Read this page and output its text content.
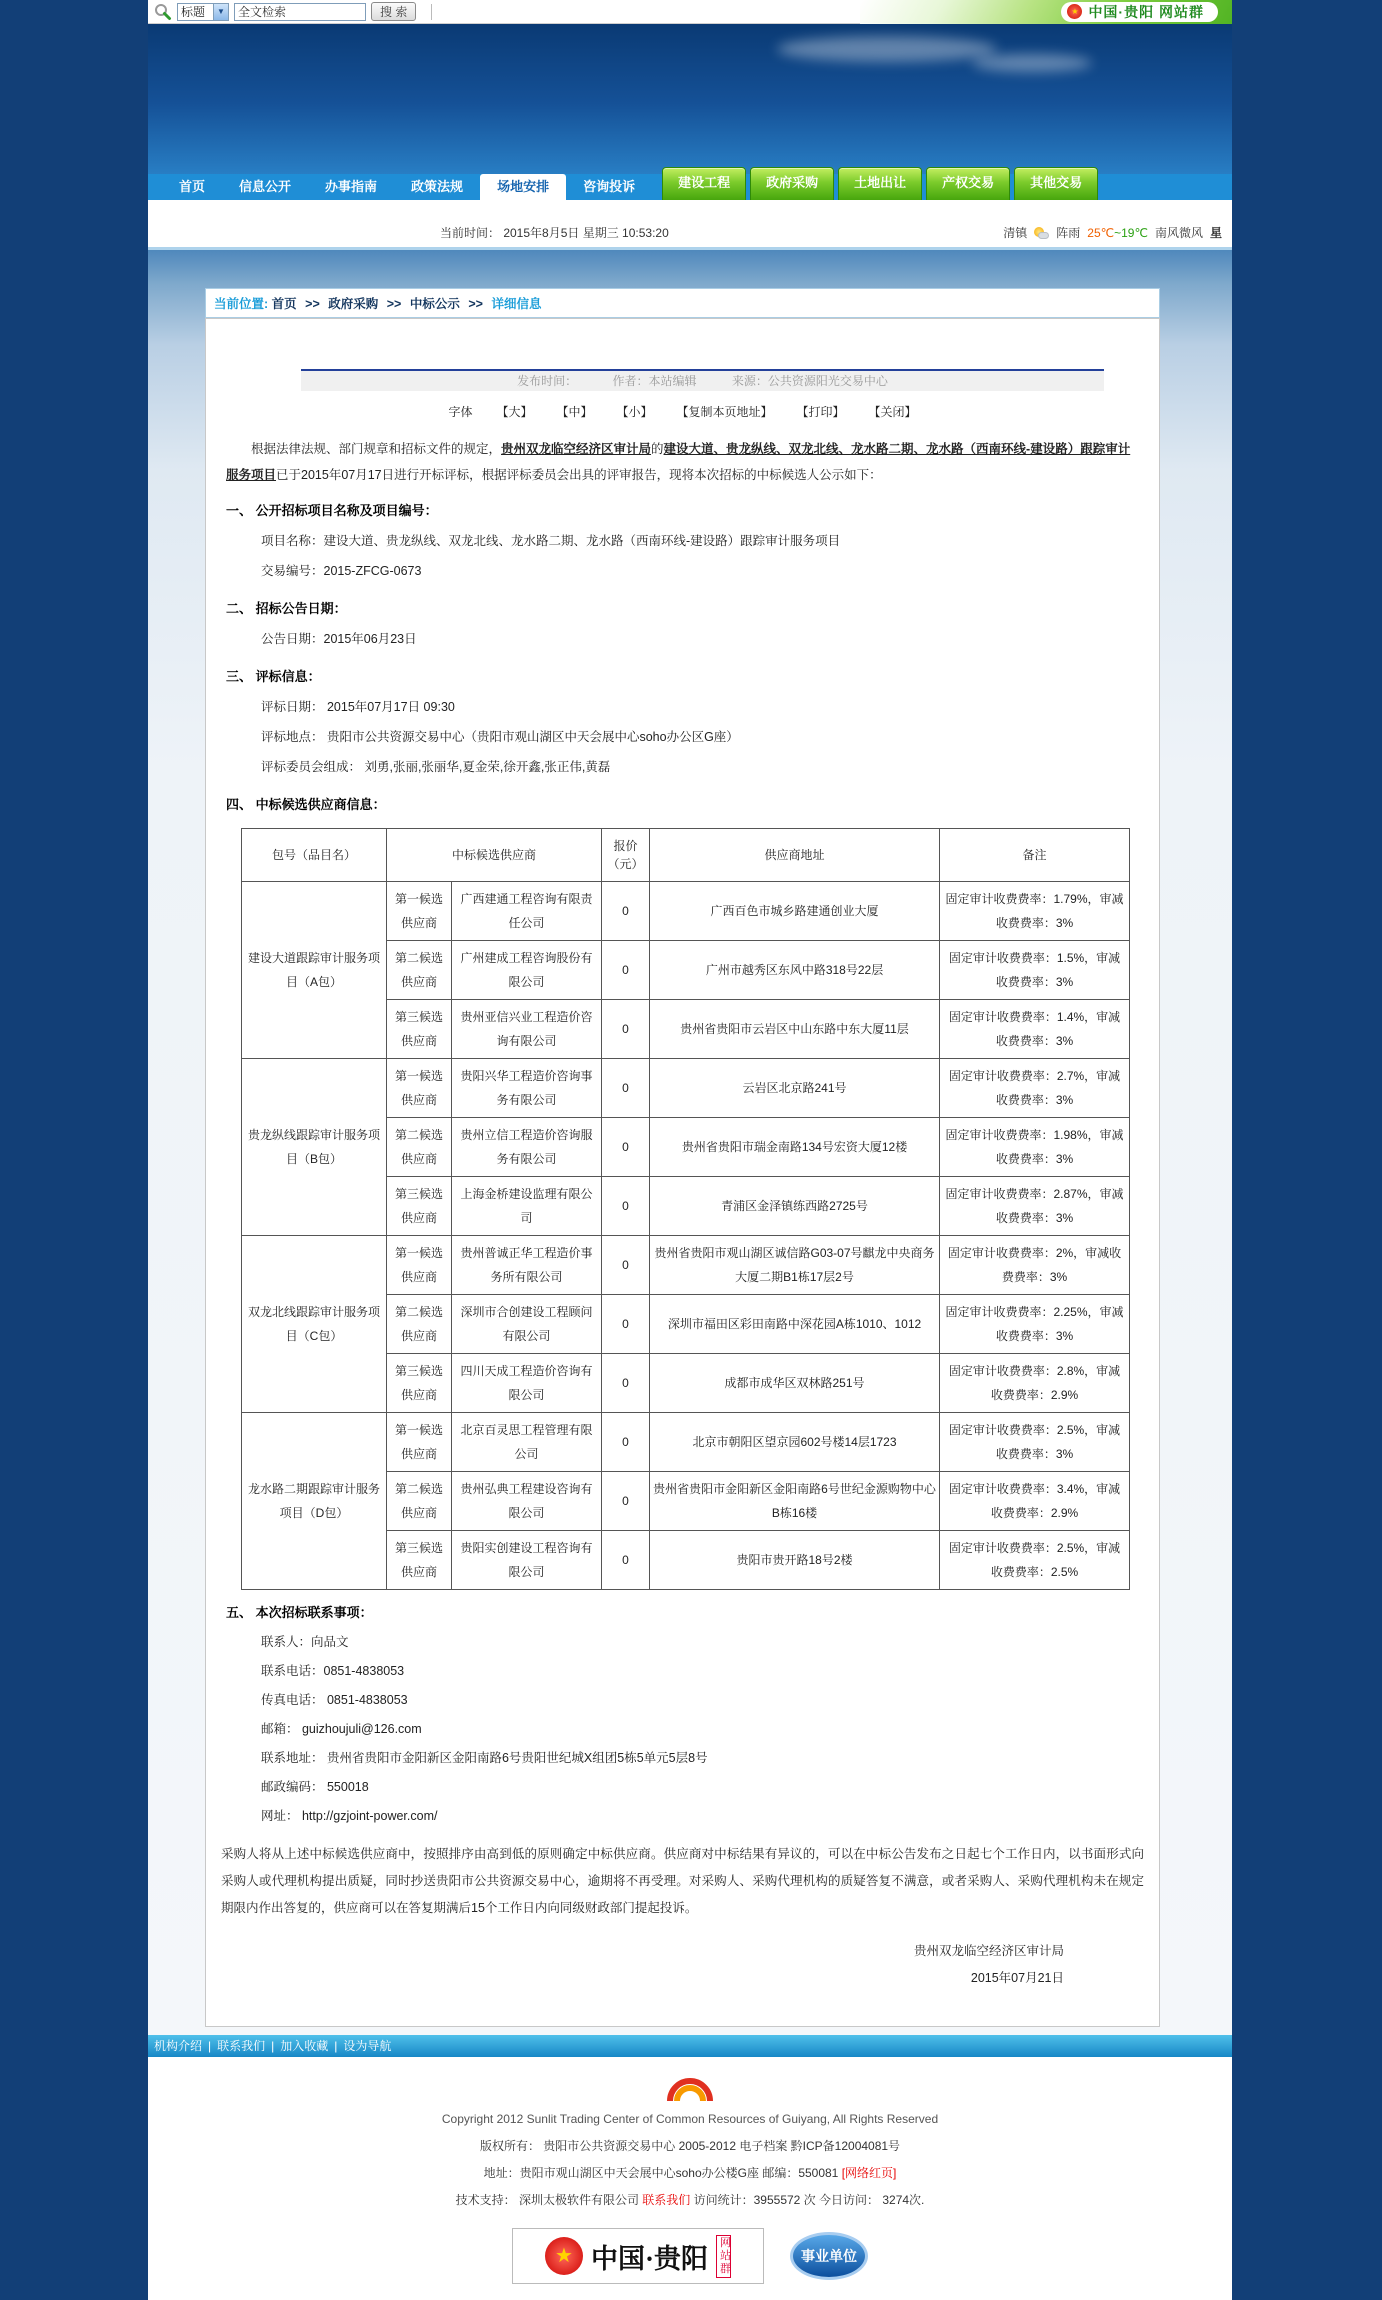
标题	▼
全文检索	搜 索	★ 中国·贵阳 网站群
首页	信息公开	办事指南	政策法规	场地安排	咨询投诉	建设工程	政府采购	土地出让	产权交易	其他交易
当前时间： 2015年8月5日 星期三 10:53:20	清镇 阵雨 25℃~19℃ 南风微风 星
当前位置: 首页 >> 政府采购 >> 中标公示 >> 详细信息
发布时间：	作者：本站编辑	来源：公共资源阳光交易中心
字体 【大】 【中】 【小】 【复制本页地址】 【打印】 【关闭】

根据法律法规、部门规章和招标文件的规定，贵州双龙临空经济区审计局的建设大道、贵龙纵线、双龙北线、龙水路二期、龙水路（西南环线-建设路）跟踪审计服务项目已于2015年07月17日进行开标评标，根据评标委员会出具的评审报告，现将本次招标的中标候选人公示如下：

一、 公开招标项目名称及项目编号：
项目名称：建设大道、贵龙纵线、双龙北线、龙水路二期、龙水路（西南环线-建设路）跟踪审计服务项目
交易编号：2015-ZFCG-0673
二、 招标公告日期：
公告日期：2015年06月23日
三、 评标信息：
评标日期： 2015年07月17日 09:30
评标地点： 贵阳市公共资源交易中心（贵阳市观山湖区中天会展中心soho办公区G座）
评标委员会组成： 刘勇,张丽,张丽华,夏金荣,徐开鑫,张正伟,黄磊
四、 中标候选供应商信息：
包号（品目名）	中标候选供应商		报价（元）	供应商地址	备注
建设大道跟踪审计服务项目（A包）	第一候选供应商	广西建通工程咨询有限责任公司	0	广西百色市城乡路建通创业大厦	固定审计收费费率：1.79%，审减收费费率：3%
	第二候选供应商	广州建成工程咨询股份有限公司	0	广州市越秀区东风中路318号22层	固定审计收费费率：1.5%，审减收费费率：3%
	第三候选供应商	贵州亚信兴业工程造价咨询有限公司	0	贵州省贵阳市云岩区中山东路中东大厦11层	固定审计收费费率：1.4%，审减收费费率：3%
贵龙纵线跟踪审计服务项目（B包）	第一候选供应商	贵阳兴华工程造价咨询事务有限公司	0	云岩区北京路241号	固定审计收费费率：2.7%，审减收费费率：3%
	第二候选供应商	贵州立信工程造价咨询服务有限公司	0	贵州省贵阳市瑞金南路134号宏资大厦12楼	固定审计收费费率：1.98%，审减收费费率：3%
	第三候选供应商	上海金桥建设监理有限公司	0	青浦区金泽镇练西路2725号	固定审计收费费率：2.87%，审减收费费率：3%
双龙北线跟踪审计服务项目（C包）	第一候选供应商	贵州普诚正华工程造价事务所有限公司	0	贵州省贵阳市观山湖区诚信路G03-07号麒龙中央商务大厦二期B1栋17层2号	固定审计收费费率：2%，审减收费费率：3%
	第二候选供应商	深圳市合创建设工程顾问有限公司	0	深圳市福田区彩田南路中深花园A栋1010、1012	固定审计收费费率：2.25%，审减收费费率：3%
	第三候选供应商	四川天成工程造价咨询有限公司	0	成都市成华区双林路251号	固定审计收费费率：2.8%，审减收费费率：2.9%
龙水路二期跟踪审计服务项目（D包）	第一候选供应商	北京百灵思工程管理有限公司	0	北京市朝阳区望京园602号楼14层1723	固定审计收费费率：2.5%，审减收费费率：3%
	第二候选供应商	贵州弘典工程建设咨询有限公司	0	贵州省贵阳市金阳新区金阳南路6号世纪金源购物中心B栋16楼	固定审计收费费率：3.4%，审减收费费率：2.9%
	第三候选供应商	贵阳实创建设工程咨询有限公司	0	贵阳市贵开路18号2楼	固定审计收费费率：2.5%，审减收费费率：2.5%
五、 本次招标联系事项：
联系人：向品文
联系电话：0851-4838053
传真电话： 0851-4838053
邮箱： guizhoujuli@126.com
联系地址： 贵州省贵阳市金阳新区金阳南路6号贵阳世纪城X组团5栋5单元5层8号
邮政编码： 550018
网址： http://gzjoint-power.com/

采购人将从上述中标候选供应商中，按照排序由高到低的原则确定中标供应商。供应商对中标结果有异议的，可以在中标公告发布之日起七个工作日内，以书面形式向采购人或代理机构提出质疑，同时抄送贵阳市公共资源交易中心，逾期将不再受理。对采购人、采购代理机构的质疑答复不满意，或者采购人、采购代理机构未在规定期限内作出答复的，供应商可以在答复期满后15个工作日内向同级财政部门提起投诉。

贵州双龙临空经济区审计局
2015年07月21日
机构介绍 | 联系我们 | 加入收藏 | 设为导航
Copyright 2012 Sunlit Trading Center of Common Resources of Guiyang, All Rights Reserved
版权所有： 贵阳市公共资源交易中心 2005-2012 电子档案 黔ICP备12004081号
地址：贵阳市观山湖区中天会展中心soho办公楼G座 邮编：550081 [网络红页]
技术支持： 深圳太极软件有限公司 联系我们 访问统计：3955572 次 今日访问： 3274次.
★ 中国·贵阳
网站群
事业单位
